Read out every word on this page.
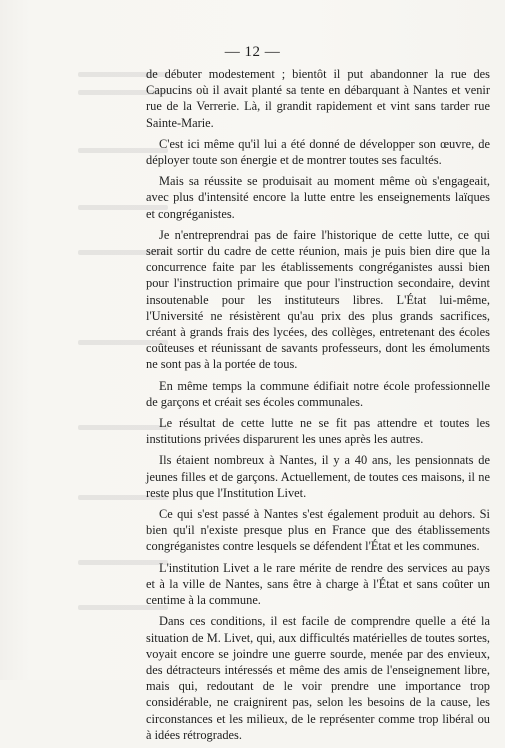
— 12 —

de débuter modestement ; bientôt il put abandonner la rue des Capucins où il avait planté sa tente en débarquant à Nantes et venir rue de la Verrerie. Là, il grandit rapidement et vint sans tarder rue Sainte-Marie.

C'est ici même qu'il lui a été donné de développer son œuvre, de déployer toute son énergie et de montrer toutes ses facultés.

Mais sa réussite se produisait au moment même où s'engageait, avec plus d'intensité encore la lutte entre les enseignements laïques et congréganistes.

Je n'entreprendrai pas de faire l'historique de cette lutte, ce qui serait sortir du cadre de cette réunion, mais je puis bien dire que la concurrence faite par les établissements congréganistes aussi bien pour l'instruction primaire que pour l'instruction secondaire, devint insoutenable pour les instituteurs libres. L'État lui-même, l'Université ne résistèrent qu'au prix des plus grands sacrifices, créant à grands frais des lycées, des collèges, entretenant des écoles coûteuses et réunissant de savants professeurs, dont les émoluments ne sont pas à la portée de tous.

En même temps la commune édifiait notre école professionnelle de garçons et créait ses écoles communales.

Le résultat de cette lutte ne se fit pas attendre et toutes les institutions privées disparurent les unes après les autres.

Ils étaient nombreux à Nantes, il y a 40 ans, les pensionnats de jeunes filles et de garçons. Actuellement, de toutes ces maisons, il ne reste plus que l'Institution Livet.

Ce qui s'est passé à Nantes s'est également produit au dehors. Si bien qu'il n'existe presque plus en France que des établissements congréganistes contre lesquels se défendent l'État et les communes.

L'institution Livet a le rare mérite de rendre des services au pays et à la ville de Nantes, sans être à charge à l'État et sans coûter un centime à la commune.

Dans ces conditions, il est facile de comprendre quelle a été la situation de M. Livet, qui, aux difficultés matérielles de toutes sortes, voyait encore se joindre une guerre sourde, menée par des envieux, des détracteurs intéressés et même des amis de l'enseignement libre, mais qui, redoutant de le voir prendre une importance trop considérable, ne craignirent pas, selon les besoins de la cause, les circonstances et les milieux, de le représenter comme trop libéral ou à idées rétrogrades.
